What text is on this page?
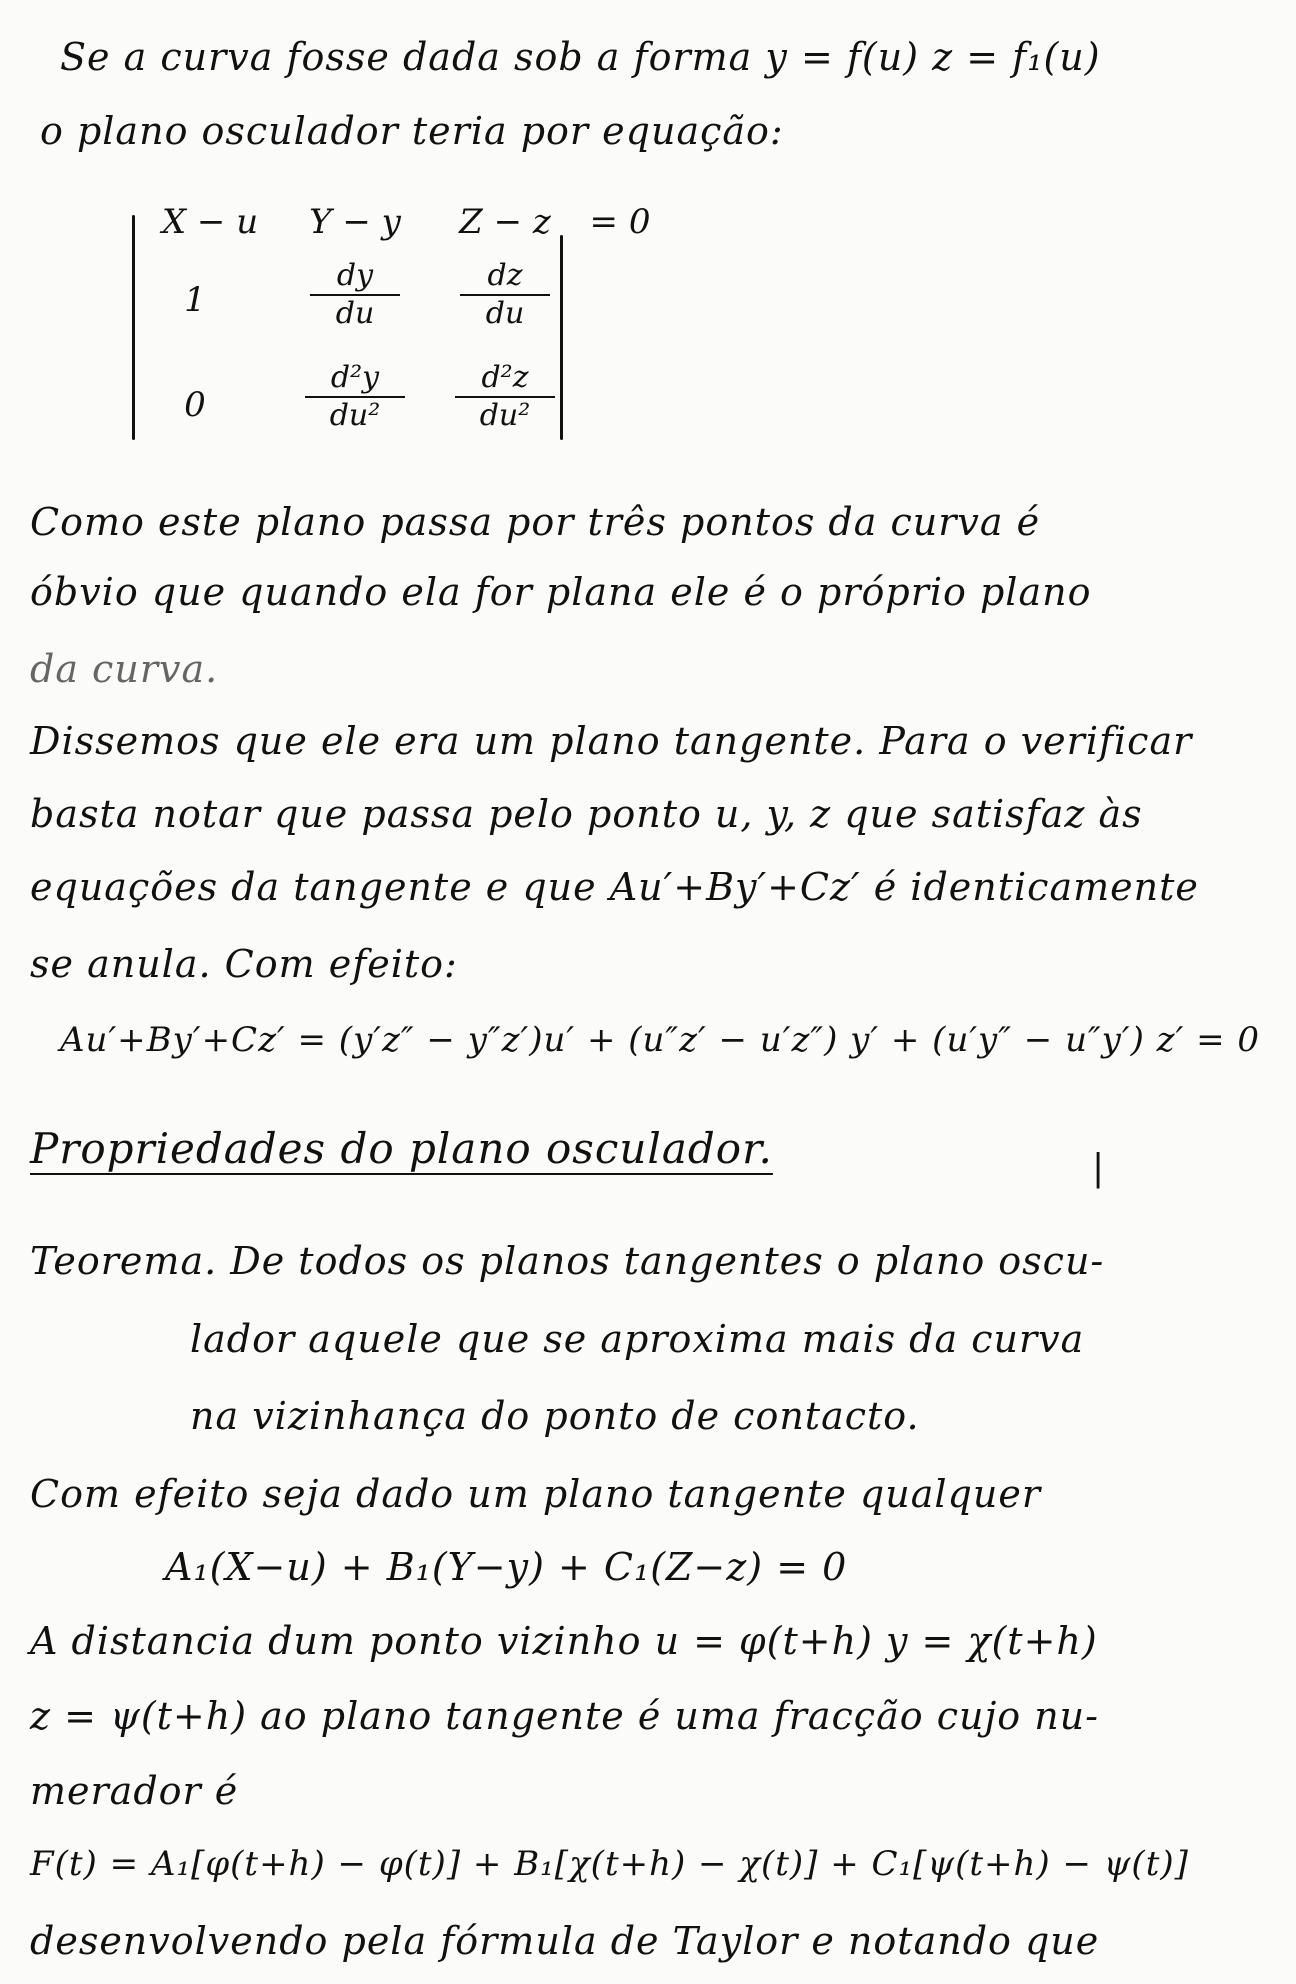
Se a curva fosse dada sob a forma y = f(u) z = f₁(u)
o plano osculador teria por equação:
X − u Y − y Z − z = 0
1	$\frac{dy}{du} \frac{dz}{du}$
0	$\frac{\text{d²y}}{\text{du²}} \frac{\text{d²z}}{\text{du²}}$
Como este plano passa por três pontos da curva é
óbvio que quando ela for plana ele é o próprio plano
da curva.
Dissemos que ele era um plano tangente. Para o verificar
basta notar que passa pelo ponto u, y, z que satisfaz às
equações da tangente e que Au′+By′+Cz′ é identicamente
se anula. Com efeito:
Au′+By′+Cz′ = (y′z″ − y″z′)u′ + (u″z′ − u′z″) y′ + (u′y″ − u″y′) z′ = 0
Propriedades do plano osculador.	|
Teorema. De todos os planos tangentes o plano oscu-
lador aquele que se aproxima mais da curva
na vizinhança do ponto de contacto.
Com efeito seja dado um plano tangente qualquer
A₁(X−u) + B₁(Y−y) + C₁(Z−z) = 0
A distancia dum ponto vizinho u = φ(t+h) y = χ(t+h)
z = ψ(t+h) ao plano tangente é uma fracção cujo nu-
merador é
F(t) = A₁[φ(t+h) − φ(t)] + B₁[χ(t+h) − χ(t)] + C₁[ψ(t+h) − ψ(t)]
desenvolvendo pela fórmula de Taylor e notando que
